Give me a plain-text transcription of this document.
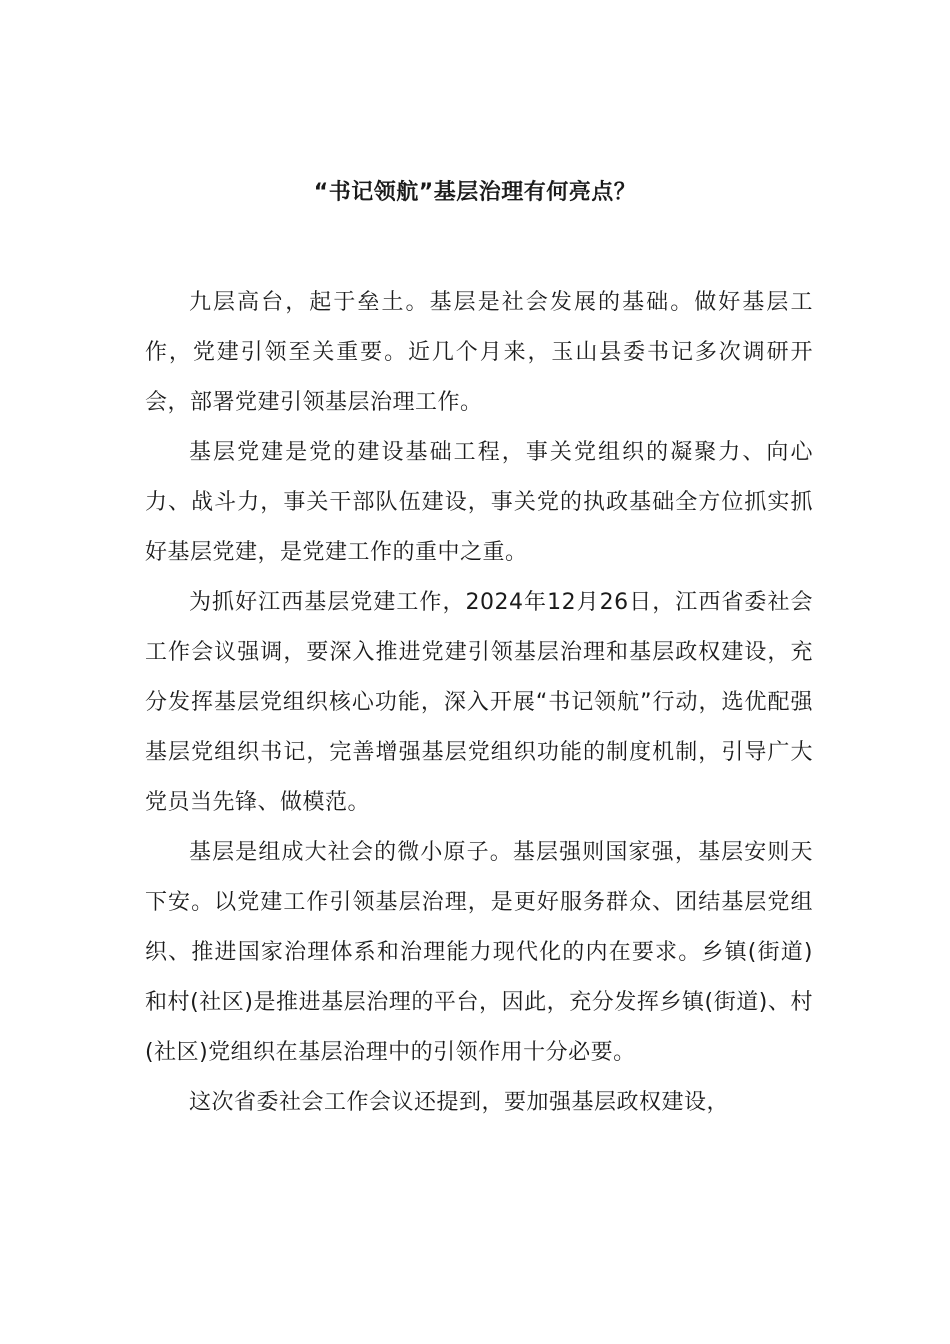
“书记领航”基层治理有何亮点？

九层高台，起于垒土。基层是社会发展的基础。做好基层工作，党建引领至关重要。近几个月来，玉山县委书记多次调研开会，部署党建引领基层治理工作。

基层党建是党的建设基础工程，事关党组织的凝聚力、向心力、战斗力，事关干部队伍建设，事关党的执政基础全方位抓实抓好基层党建，是党建工作的重中之重。

为抓好江西基层党建工作，2024年12月26日，江西省委社会工作会议强调，要深入推进党建引领基层治理和基层政权建设，充分发挥基层党组织核心功能，深入开展“书记领航”行动，选优配强基层党组织书记，完善增强基层党组织功能的制度机制，引导广大党员当先锋、做模范。

基层是组成大社会的微小原子。基层强则国家强，基层安则天下安。以党建工作引领基层治理，是更好服务群众、团结基层党组织、推进国家治理体系和治理能力现代化的内在要求。乡镇(街道)和村(社区)是推进基层治理的平台，因此，充分发挥乡镇(街道)、村(社区)党组织在基层治理中的引领作用十分必要。

这次省委社会工作会议还提到，要加强基层政权建设，
